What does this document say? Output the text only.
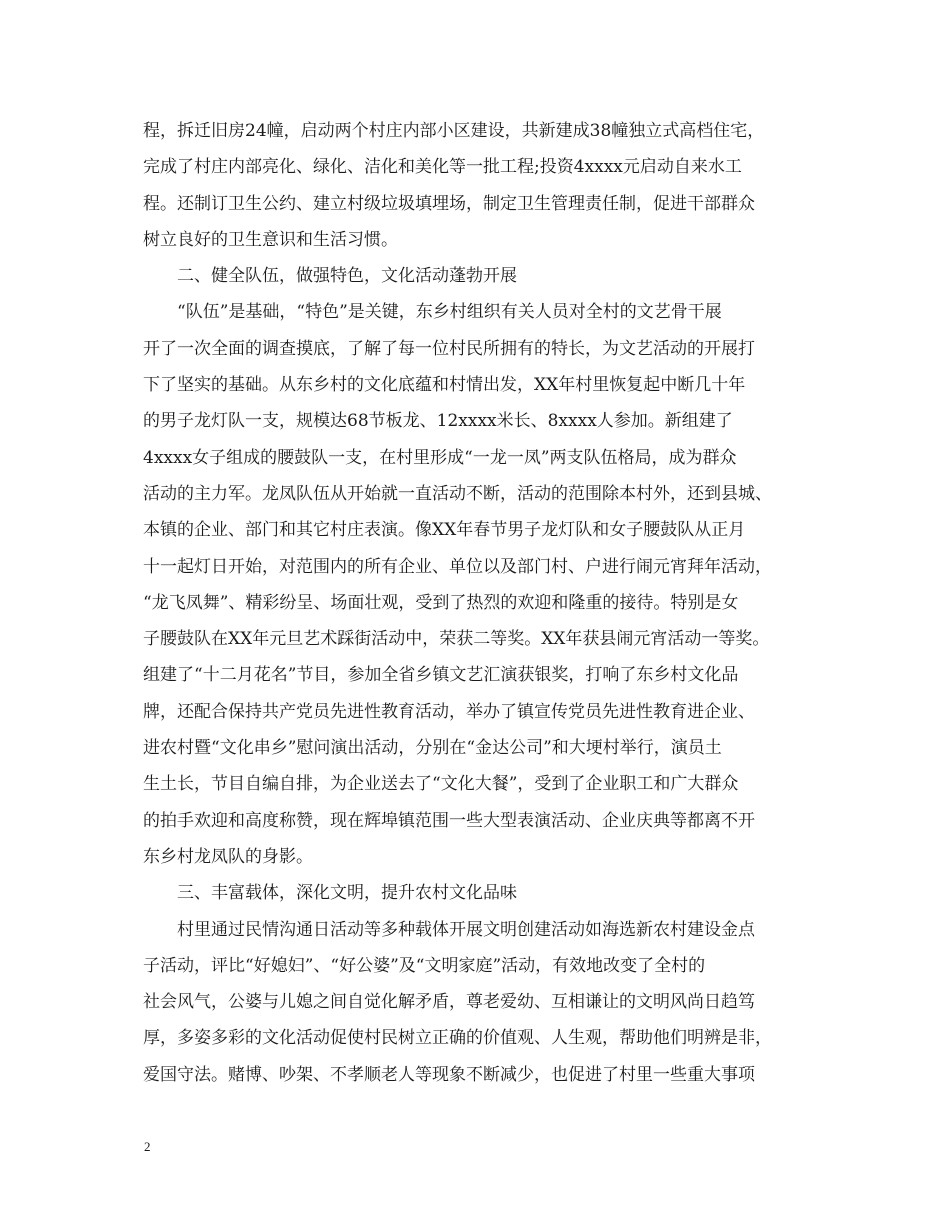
程，拆迁旧房24幢，启动两个村庄内部小区建设，共新建成38幢独立式高档住宅，
完成了村庄内部亮化、绿化、洁化和美化等一批工程;投资4xxxx元启动自来水工
程。还制订卫生公约、建立村级垃圾填埋场，制定卫生管理责任制，促进干部群众
树立良好的卫生意识和生活习惯。
二、健全队伍，做强特色，文化活动蓬勃开展
“队伍”是基础，“特色”是关键，东乡村组织有关人员对全村的文艺骨干展
开了一次全面的调查摸底，了解了每一位村民所拥有的特长，为文艺活动的开展打
下了坚实的基础。从东乡村的文化底蕴和村情出发，XX年村里恢复起中断几十年
的男子龙灯队一支，规模达68节板龙、12xxxx米长、8xxxx人参加。新组建了
4xxxx女子组成的腰鼓队一支，在村里形成“一龙一凤”两支队伍格局，成为群众
活动的主力军。龙凤队伍从开始就一直活动不断，活动的范围除本村外，还到县城、
本镇的企业、部门和其它村庄表演。像XX年春节男子龙灯队和女子腰鼓队从正月
十一起灯日开始，对范围内的所有企业、单位以及部门村、户进行闹元宵拜年活动，
“龙飞凤舞”、精彩纷呈、场面壮观，受到了热烈的欢迎和隆重的接待。特别是女
子腰鼓队在XX年元旦艺术踩街活动中，荣获二等奖。XX年获县闹元宵活动一等奖。
组建了“十二月花名”节目，参加全省乡镇文艺汇演获银奖，打响了东乡村文化品
牌，还配合保持共产党员先进性教育活动，举办了镇宣传党员先进性教育进企业、
进农村暨“文化串乡”慰问演出活动，分别在“金达公司”和大埂村举行，演员土
生土长，节目自编自排，为企业送去了“文化大餐”，受到了企业职工和广大群众
的拍手欢迎和高度称赞，现在辉埠镇范围一些大型表演活动、企业庆典等都离不开
东乡村龙凤队的身影。
三、丰富载体，深化文明，提升农村文化品味
村里通过民情沟通日活动等多种载体开展文明创建活动如海选新农村建设金点
子活动，评比“好媳妇”、“好公婆”及“文明家庭”活动，有效地改变了全村的
社会风气，公婆与儿媳之间自觉化解矛盾，尊老爱幼、互相谦让的文明风尚日趋笃
厚，多姿多彩的文化活动促使村民树立正确的价值观、人生观，帮助他们明辨是非，
爱国守法。赌博、吵架、不孝顺老人等现象不断减少，也促进了村里一些重大事项
2
